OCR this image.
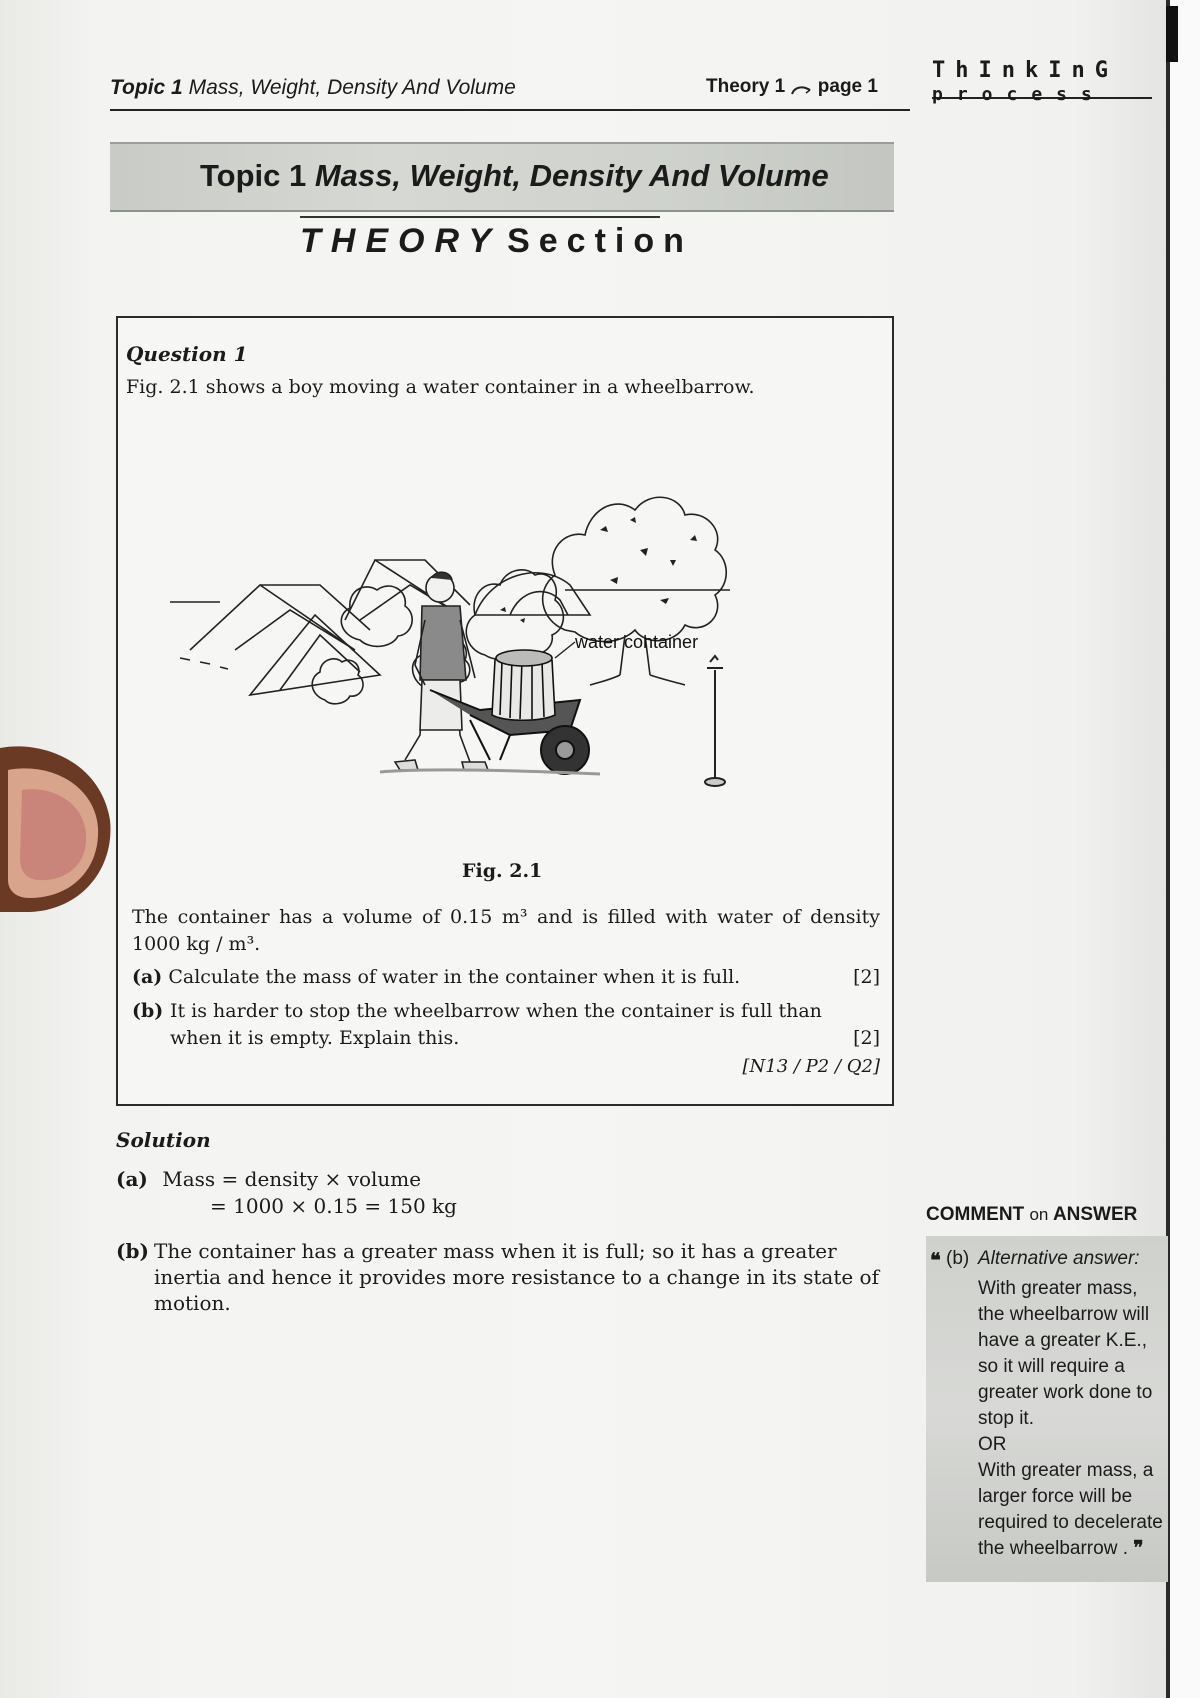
Topic 1 Mass, Weight, Density And Volume	Theory 1 page 1
ThInkInG
process
Topic 1 Mass, Weight, Density And Volume
THEORY Section
Question 1
Fig. 2.1 shows a boy moving a water container in a wheelbarrow.
water container
Fig. 2.1
The container has a volume of 0.15 m³ and is filled with water of density 1000 kg / m³.
(a) Calculate the mass of water in the container when it is full.	[2]
(b) It is harder to stop the wheelbarrow when the container is full than when it is empty. Explain this.	[2]
[N13 / P2 / Q2]
Solution
(a) Mass = density × volume
= 1000 × 0.15 = 150 kg
(b) The container has a greater mass when it is full; so it has a greater inertia and hence it provides more resistance to a change in its state of motion.
COMMENT on ANSWER
❝ (b) Alternative answer:

With greater mass, the wheelbarrow will have a greater K.E., so it will require a greater work done to stop it.

OR

With greater mass, a larger force will be required to decelerate the wheelbarrow . ❞
